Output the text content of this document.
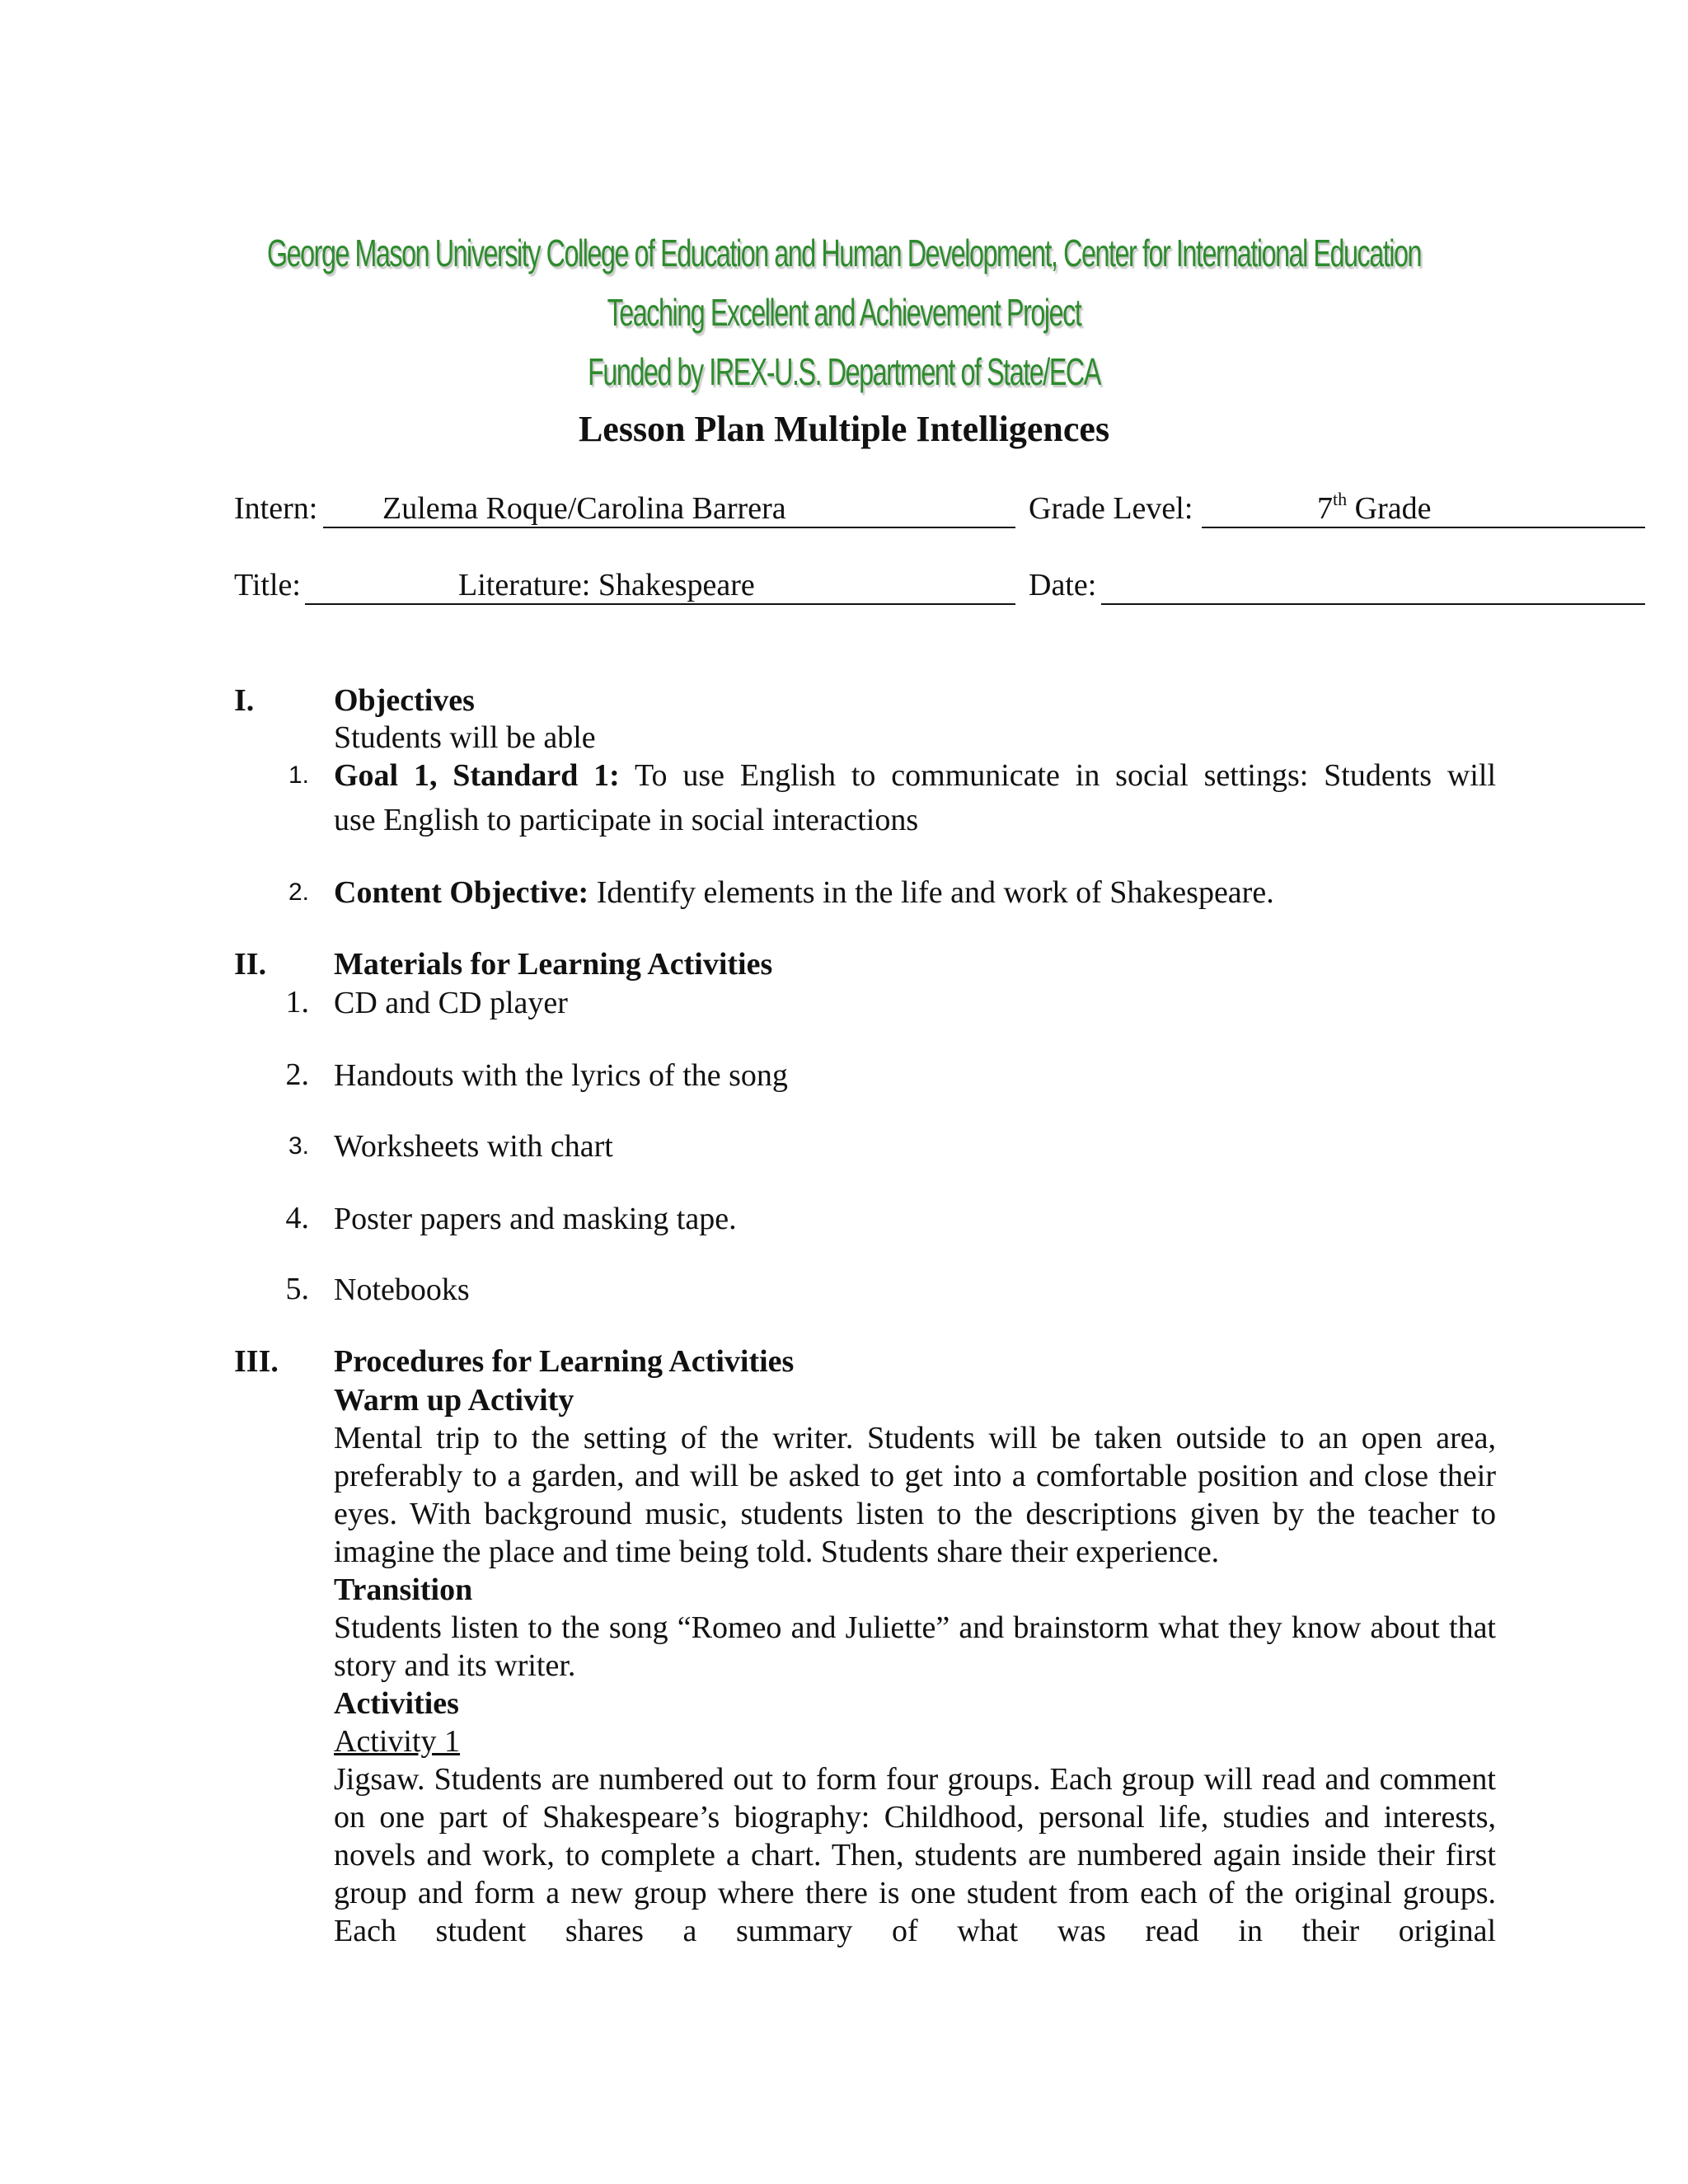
George Mason University College of Education and Human Development, Center for International Education
Teaching Excellent and Achievement Project
Funded by IREX-U.S. Department of State/ECA
Lesson Plan Multiple Intelligences
Intern: Zulema Roque/Carolina Barrera	Grade Level:	7th Grade
Title:	Literature: Shakespeare	Date:
I.	Objectives
Students will be able
1. Goal 1, Standard 1: To use English to communicate in social settings: Students will
use English to participate in social interactions
2. Content Objective: Identify elements in the life and work of Shakespeare.
II. Materials for Learning Activities
1. CD and CD player
2. Handouts with the lyrics of the song
3. Worksheets with chart
4. Poster papers and masking tape.
5. Notebooks
III. Procedures for Learning Activities
Warm up Activity
Mental trip to the setting of the writer. Students will be taken outside to an open area, preferably to a garden, and will be asked to get into a comfortable position and close their eyes. With background music, students listen to the descriptions given by the teacher to imagine the place and time being told. Students share their experience.
Transition
Students listen to the song “Romeo and Juliette” and brainstorm what they know about that story and its writer.
Activities
Activity 1
Jigsaw. Students are numbered out to form four groups. Each group will read and comment on one part of Shakespeare’s biography: Childhood, personal life, studies and interests, novels and work, to complete a chart. Then, students are numbered again inside their first group and form a new group where there is one student from each of the original groups. Each student shares a summary of what was read in their original
